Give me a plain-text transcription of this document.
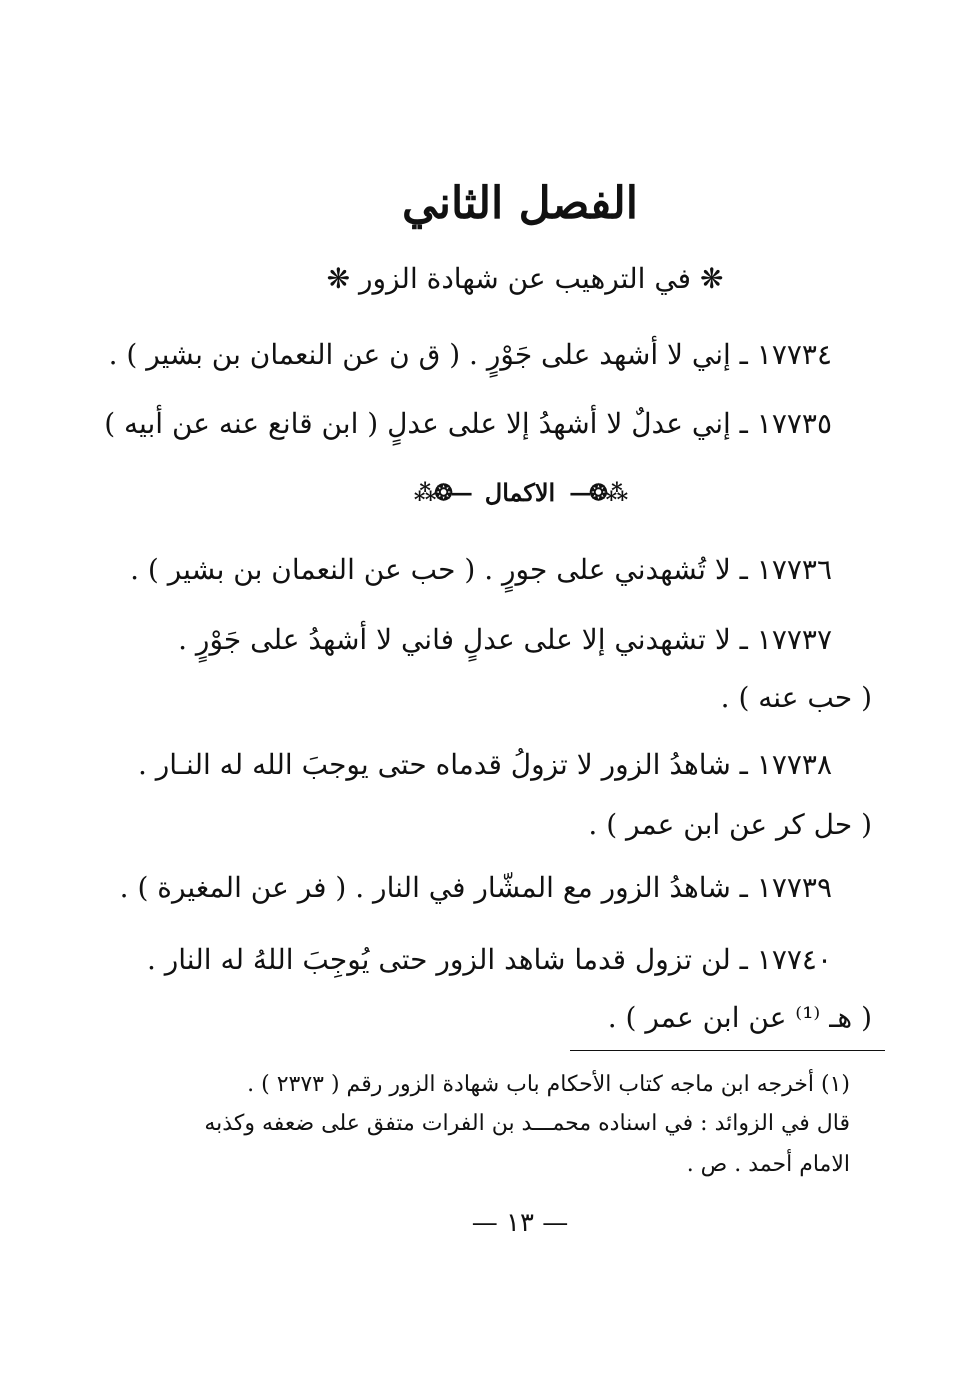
الفصل الثاني
❋ في الترهيب عن شهادة الزور ❋
١٧٧٣٤ ـ إني لا أشهد على جَوْرٍ . ( ق ن عن النعمان بن بشير ) .
١٧٧٣٥ ـ إني عدلٌ لا أشهدُ إلا على عدلٍ ( ابن قانع عنه عن أبيه )
⁂❂—
الاكمال
—❂⁂
١٧٧٣٦ ـ لا تُشهدني على جورٍ . ( حب عن النعمان بن بشير ) .
١٧٧٣٧ ـ لا تشهدني إلا على عدلٍ فاني لا أشهدُ على جَوْرٍ .
( حب عنه ) .
١٧٧٣٨ ـ شاهدُ الزور لا تزولُ قدماه حتى يوجبَ الله له النـار .
( حل كر عن ابن عمر ) .
١٧٧٣٩ ـ شاهدُ الزور مع المشّار في النار . ( فر عن المغيرة ) .
١٧٧٤٠ ـ لن تزول قدما شاهد الزور حتى يُوجِبَ اللهُ له النار .
( هـ ⁽¹⁾ عن ابن عمر ) .
(١) أخرجه ابن ماجه كتاب الأحكام باب شهادة الزور رقم ( ٢٣٧٣ ) .
قال في الزوائد : في اسناده محمـــد بن الفرات متفق على ضعفه وكذبه
الامام أحمد . ص .
— ١٣ —
